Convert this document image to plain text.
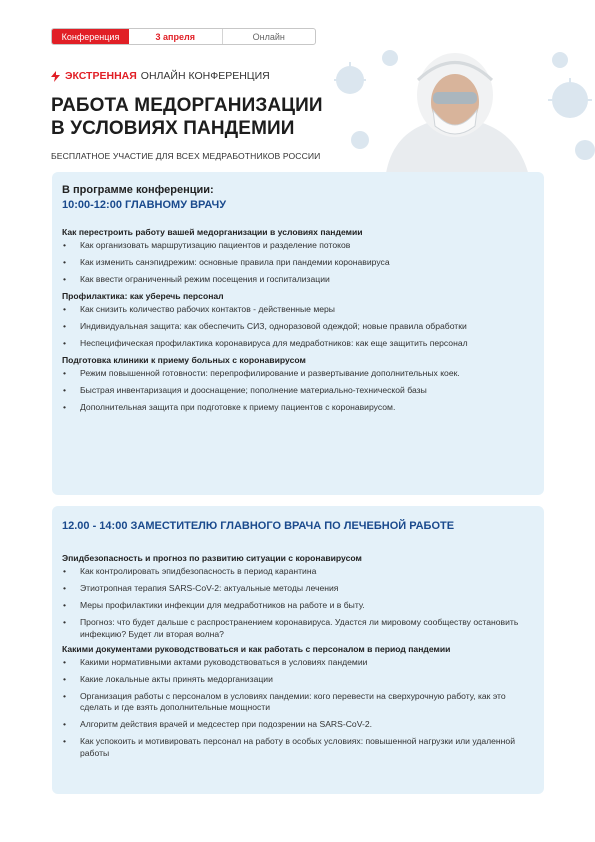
Конференция	3 апреля	Онлайн
ЭКСТРЕННАЯ ОНЛАЙН КОНФЕРЕНЦИЯ
РАБОТА МЕДОРГАНИЗАЦИИ
В УСЛОВИЯХ ПАНДЕМИИ
БЕСПЛАТНОЕ УЧАСТИЕ ДЛЯ ВСЕХ МЕДРАБОТНИКОВ РОССИИ
В программе конференции:
10:00-12:00 ГЛАВНОМУ ВРАЧУ
Как перестроить работу вашей медорганизации в условиях пандемии
• Как организовать маршрутизацию пациентов и разделение потоков
• Как изменить санэпидрежим: основные правила при пандемии коронавируса
• Как ввести ограниченный режим посещения и госпитализации
Профилактика: как уберечь персонал
• Как снизить количество рабочих контактов - действенные меры
• Индивидуальная защита: как обеспечить СИЗ, одноразовой одеждой; новые правила обработки
• Неспецифическая профилактика коронавируса для медработников: как еще защитить персонал
Подготовка клиники к приему больных с коронавирусом
• Режим повышенной готовности: перепрофилирование и развертывание дополнительных коек.
• Быстрая инвентаризация и дооснащение; пополнение материально-технической базы
• Дополнительная защита при подготовке к приему пациентов с коронавирусом.
12.00 - 14:00 ЗАМЕСТИТЕЛЮ ГЛАВНОГО ВРАЧА ПО ЛЕЧЕБНОЙ РАБОТЕ
Эпидбезопасность и прогноз по развитию ситуации с коронавирусом
• Как контролировать эпидбезопасность в период карантина
• Этиотропная терапия SARS-CoV-2: актуальные методы лечения
• Меры профилактики инфекции для медработников на работе и в быту.
• Прогноз: что будет дальше с распространением коронавируса. Удастся ли мировому сообществу остановить инфекцию? Будет ли вторая волна?
Какими документами руководствоваться и как работать с персоналом в период пандемии
• Какими нормативными актами руководствоваться в условиях пандемии
• Какие локальные акты принять медорганизации
• Организация работы с персоналом в условиях пандемии: кого перевести на сверхурочную работу, как это сделать и где взять дополнительные мощности
• Алгоритм действия врачей и медсестер при подозрении на SARS-CoV-2.
• Как успокоить и мотивировать персонал на работу в особых условиях: повышенной нагрузки или удаленной работы
